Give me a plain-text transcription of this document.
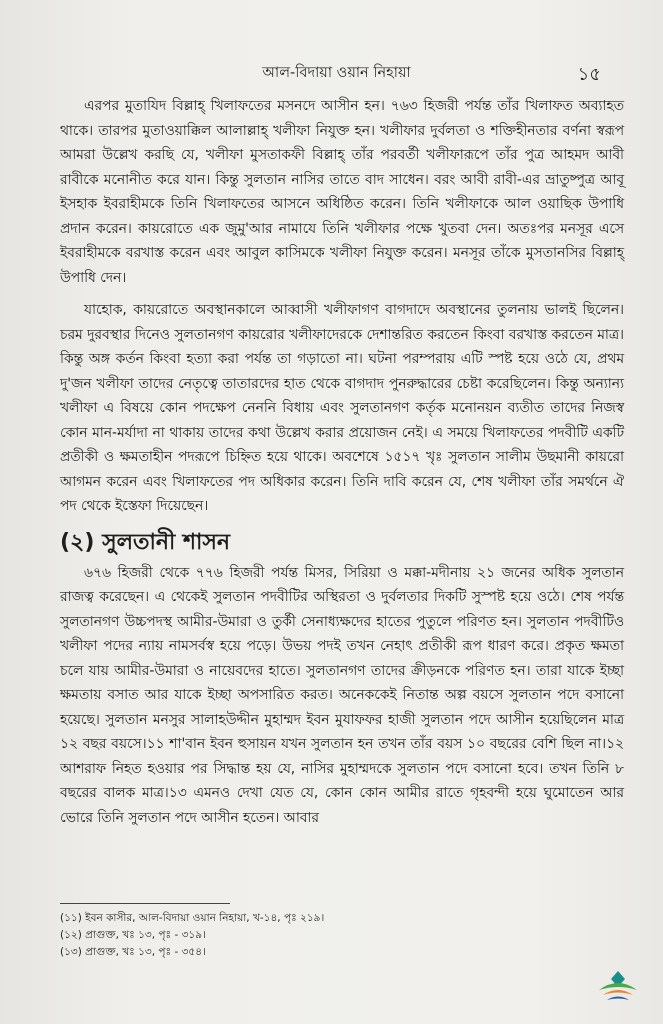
আল-বিদায়া ওয়ান নিহায়া	১৫

এরপর মুতাযিদ বিল্লাহ্ খিলাফতের মসনদে আসীন হন। ৭৬৩ হিজরী পর্যন্ত তাঁর খিলাফত অব্যাহত থাকে। তারপর মুতাওয়াক্কিল আলাল্লাহ্ খলীফা নিযুক্ত হন। খলীফার দুর্বলতা ও শক্তিহীনতার বর্ণনা স্বরূপ আমরা উল্লেখ করছি যে, খলীফা মুসতাকফী বিল্লাহ্ তাঁর পরবর্তী খলীফারূপে তাঁর পুত্র আহমদ আবী রাবীকে মনোনীত করে যান। কিন্তু সুলতান নাসির তাতে বাদ সাধেন। বরং আবী রাবী-এর ভ্রাতুষ্পুত্র আবূ ইসহাক ইবরাহীমকে তিনি খিলাফতের আসনে অধিষ্ঠিত করেন। তিনি খলীফাকে আল ওয়াছিক উপাধি প্রদান করেন। কায়রোতে এক জুমু'আর নামাযে তিনি খলীফার পক্ষে খুতবা দেন। অতঃপর মনসূর এসে ইবরাহীমকে বরখাস্ত করেন এবং আবুল কাসিমকে খলীফা নিযুক্ত করেন। মনসূর তাঁকে মুসতানসির বিল্লাহ্ উপাধি দেন।

যাহোক, কায়রোতে অবস্থানকালে আব্বাসী খলীফাগণ বাগদাদে অবস্থানের তুলনায় ভালই ছিলেন। চরম দুরবস্থার দিনেও সুলতানগণ কায়রোর খলীফাদেরকে দেশান্তরিত করতেন কিংবা বরখাস্ত করতেন মাত্র। কিন্তু অঙ্গ কর্তন কিংবা হত্যা করা পর্যন্ত তা গড়াতো না। ঘটনা পরম্পরায় এটি স্পষ্ট হয়ে ওঠে যে, প্রথম দু'জন খলীফা তাদের নেতৃত্বে তাতারদের হাত থেকে বাগদাদ পুনরুদ্ধারের চেষ্টা করেছিলেন। কিন্তু অন্যান্য খলীফা এ বিষয়ে কোন পদক্ষেপ নেননি বিধায় এবং সুলতানগণ কর্তৃক মনোনয়ন ব্যতীত তাদের নিজস্ব কোন মান-মর্যাদা না থাকায় তাদের কথা উল্লেখ করার প্রয়োজন নেই। এ সময়ে খিলাফতের পদবীটি একটি প্রতীকী ও ক্ষমতাহীন পদরূপে চিহ্নিত হয়ে থাকে। অবশেষে ১৫১৭ খৃঃ সুলতান সালীম উছমানী কায়রো আগমন করেন এবং খিলাফতের পদ অধিকার করেন। তিনি দাবি করেন যে, শেষ খলীফা তাঁর সমর্থনে ঐ পদ থেকে ইস্তেফা দিয়েছেন।

(২) সুলতানী শাসন

৬৭৬ হিজরী থেকে ৭৭৬ হিজরী পর্যন্ত মিসর, সিরিয়া ও মক্কা-মদীনায় ২১ জনের অধিক সুলতান রাজত্ব করেছেন। এ থেকেই সুলতান পদবীটির অস্থিরতা ও দুর্বলতার দিকটি সুস্পষ্ট হয়ে ওঠে। শেষ পর্যন্ত সুলতানগণ উচ্চপদস্থ আমীর-উমারা ও তুর্কী সেনাধ্যক্ষদের হাতের পুতুলে পরিণত হন। সুলতান পদবীটিও খলীফা পদের ন্যায় নামসর্বস্ব হয়ে পড়ে। উভয় পদই তখন নেহাৎ প্রতীকী রূপ ধারণ করে। প্রকৃত ক্ষমতা চলে যায় আমীর-উমারা ও নায়েবদের হাতে। সুলতানগণ তাদের ক্রীড়নকে পরিণত হন। তারা যাকে ইচ্ছা ক্ষমতায় বসাত আর যাকে ইচ্ছা অপসারিত করত। অনেককেই নিতান্ত অল্প বয়সে সুলতান পদে বসানো হয়েছে। সুলতান মনসুর সালাহউদ্দীন মুহাম্মদ ইবন মুযাফফর হাজী সুলতান পদে আসীন হয়েছিলেন মাত্র ১২ বছর বয়সে।১১ শা'বান ইবন হুসায়ন যখন সুলতান হন তখন তাঁর বয়স ১০ বছরের বেশি ছিল না।১২ আশরাফ নিহত হওয়ার পর সিদ্ধান্ত হয় যে, নাসির মুহাম্মদকে সুলতান পদে বসানো হবে। তখন তিনি ৮ বছরের বালক মাত্র।১৩ এমনও দেখা যেত যে, কোন কোন আমীর রাতে গৃহবন্দী হয়ে ঘুমোতেন আর ভোরে তিনি সুলতান পদে আসীন হতেন। আবার

(১১) ইবন কাসীর, আল-বিদায়া ওয়ান নিহায়া, খ-১৪, পৃঃ ২১৯।
(১২) প্রাগুক্ত, খঃ ১৩, পৃঃ - ৩১৯।
(১৩) প্রাগুক্ত, খঃ ১৩, পৃঃ - ৩৫৪।
